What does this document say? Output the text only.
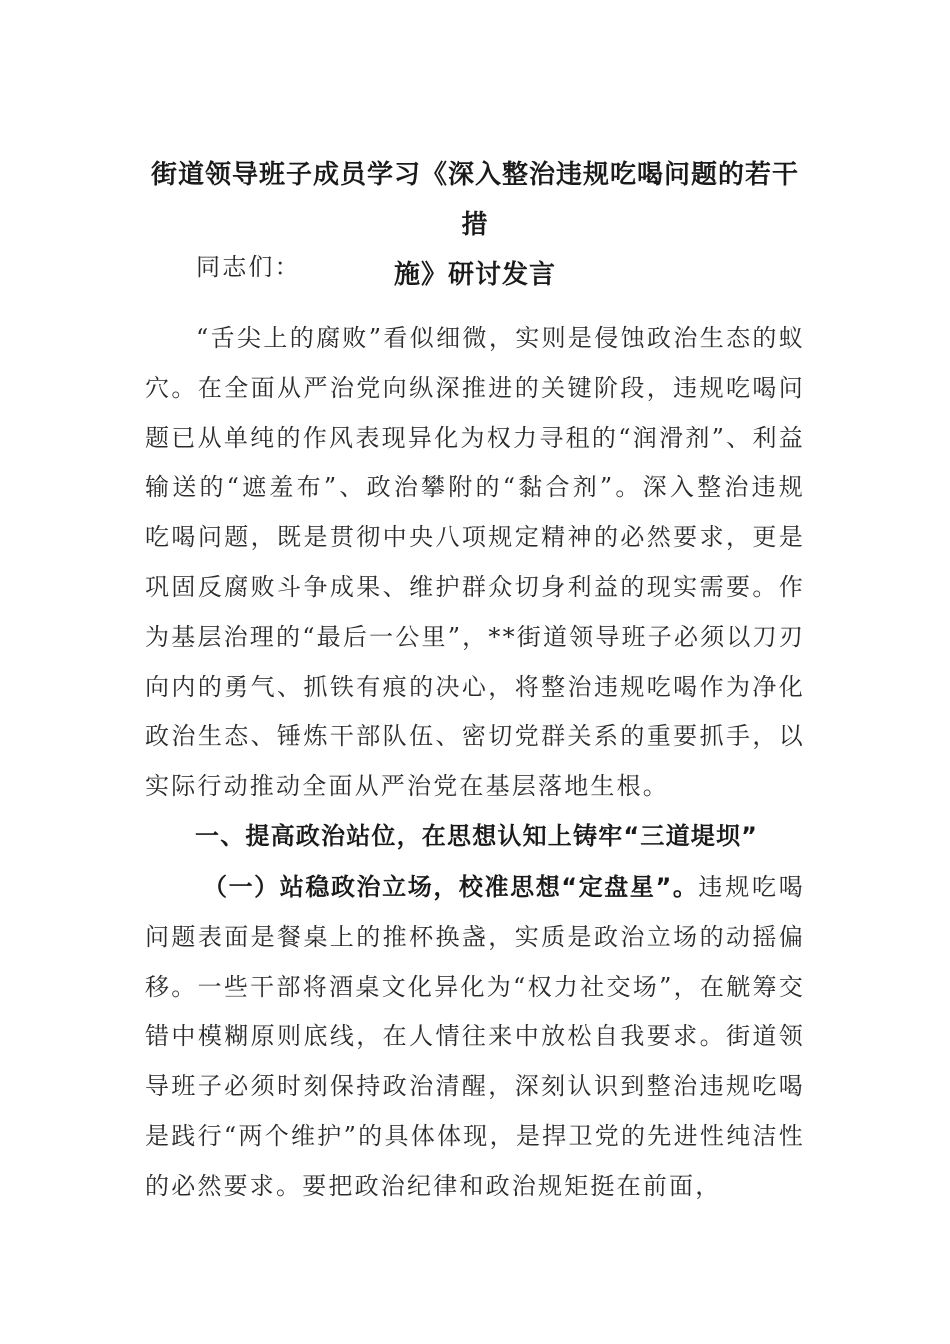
街道领导班子成员学习《深入整治违规吃喝问题的若干措
施》研讨发言

同志们：

“舌尖上的腐败”看似细微，实则是侵蚀政治生态的蚁穴。在全面从严治党向纵深推进的关键阶段，违规吃喝问题已从单纯的作风表现异化为权力寻租的“润滑剂”、利益输送的“遮羞布”、政治攀附的“黏合剂”。深入整治违规吃喝问题，既是贯彻中央八项规定精神的必然要求，更是巩固反腐败斗争成果、维护群众切身利益的现实需要。作为基层治理的“最后一公里”，**街道领导班子必须以刀刃向内的勇气、抓铁有痕的决心，将整治违规吃喝作为净化政治生态、锤炼干部队伍、密切党群关系的重要抓手，以实际行动推动全面从严治党在基层落地生根。

一、提高政治站位，在思想认知上铸牢“三道堤坝”

（一）站稳政治立场，校准思想“定盘星”。违规吃喝问题表面是餐桌上的推杯换盏，实质是政治立场的动摇偏移。一些干部将酒桌文化异化为“权力社交场”，在觥筹交错中模糊原则底线，在人情往来中放松自我要求。街道领导班子必须时刻保持政治清醒，深刻认识到整治违规吃喝是践行“两个维护”的具体体现，是捍卫党的先进性纯洁性的必然要求。要把政治纪律和政治规矩挺在前面，
